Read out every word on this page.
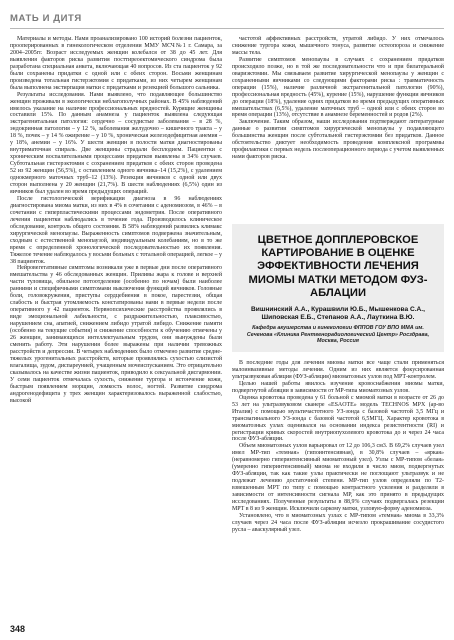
МАТЬ И ДИТЯ

Материалы и методы. Нами проанализировано 100 историй болезни пациенток, прооперированных в гинекологическом отделении ММУ МСЧ№1 г. Самара, за 2004–2005гг. Возраст исследуемых женщин колебался от 38 до 45 лет. Для выявления факторов риска развития посттиреоектомического синдрома была разработана специальная анкета, включающая 40 вопросов. Из ста пациенток у 92 были сохранены придатки с одной или с обеих сторон. Восьми женщинам произведена тотальная гистерэктомия с придатками, из них четырем женщинам была выполнена экстирпация матки с придатками и резекцией большого сальника.

Результаты исследования. Нами выявлено, что подавляющее большинство женщин проживали в экологически неблагополучных районах. В 45% наблюдений имелось указание на наличие профессиональных вредностей. Курящие женщины составили 15%. По данным анамнеза у пациенток выявлена следующая экстрагенитальная патология: сердечно – сосудистые заболевания – в 28 %, эндокринная патология – у 12 %, заболевания желудочно – кишечного тракта – у 18 %, почек – у 14 % ожирение – у 10 %, хроническая железодефицитная анемия – у 18%, анемии – у 16%. У шести женщин в полости матки диагностированы внутриматочная спираль. Две женщины страдали бесплодием. Пациентки с хроническим воспалительными процессами придатков выявлены в 34% случаев. Субтотальная гистерэктомия с сохранением придатков с обеих сторон проведена 52 из 92 женщин (56,5%), с оставлением одного яичника–14 (15,2%), с удалением однокмерного маточных труб–12 (13%). Резекция яичников с одной или двух сторон выполнена у 20 женщин (21,7%). В шести наблюдениях (6,5%) один из яичников был удален во время предыдущих операций.

После гистологической верификации диагноза в 96 наблюдениях диагностирована миома матки, из них в 4% в сочетании с аденомиозом, в 46% – в сочетании с гиперпластическими процессами эндометрия. После оперативного лечения пациентки наблюдались в течение года. Производилось клиническое обследование, контроль общего состояния. В 58% наблюдений развились климакс хирургической менопаузы. Выраженность симптомов подвержена значительным, сходным с естественной менопаузой, индивидуальным колебаниям, но в то же время с определенной хронологической последовательностью их появления. Тяжелое течение наблюдалось у восьми больных с тотальной операцией, легкое – у 38 пациенток.

Нейровегетативные симптомы возникали уже в первые дни после оперативного вмешательства у 46 обследованных женщин. Приливы жара к голове и верхней части туловища, обильное потоотделение (особенно по ночам) были наиболее ранними и специфичными симптомами выключения функций яичников. Головные боли, головокружения, приступы сердцебиения в покое, парестезии, общая слабость и быстрая утомляемость констатированы нами в первые недели после оперативного у 42 пациенток. Нервнопсихические расстройства проявлялись в виде эмоциональной лабильности, с раздражительностью, плаксивостью, нарушением сна, апатией, снижением либидо утратой либидо. Снижение памяти (особенно на текущие события) и снижение способности к обучению отмечены у 26 женщин, занимающихся интеллектуальным трудом, они вынуждены были сменить работу. Эти нарушения более выражены при наличии тревожных расстройств и депрессии. В четырех наблюдениях было отмечено развитие средне-тяжелых урогенитальных расстройств, которые проявлялись сухостью слизистой влагалища, зудом, диспареунией, учащенным мочеиспусканием. Это отрицательно сказывалось на качестве жизни пациенток, приводило к сексуальной дисгармонии. У семи пациенток отмечалась сухость, снижение тургора и истончение кожи, быстрым появлением морщин, ломкость волос, ногтей. Развитие синдрома андрогенодефицита у трех женщин характеризовалось выраженной слабостью, высокой

частотой аффективных расстройств, утратой либидо. У них отмечалось снижение тургора кожи, мышечного тонуса, развитие остеопороза и снижение массы тела.

Развитие симптомов менопаузы в случаях с сохранением придатков происходило позже, но в той же последовательности что и при билатеральной овариэктомии. Мы связываем развитие хирургической менопаузы у женщин с сохраненными яичниками со следующими факторами риска : травматичность операции (15%), наличие различной экстрагенитальной патологии (90%), профессиональная вредность (45%), курение (15%), нарушение функции яичников до операции (18%), удаление одних придатков во время предыдущих оперативных вмешательствах (6,5%), удаление маточных труб – одной или с обеих сторон во время операции (13%), отсутствие в анамнезе беременностей и родов (2%).

Заключение. Таким образом, наши исследования подтверждают литературные данные о развитии симптомов хирургической менопаузы у подавляющего большинства женщин после субтотальной гистерэктомии без придатков. Данное обстоятельство диктует необходимость проведения комплексной программы профилактики с первых недель послеоперационного периода с учетом выявленных нами факторов риска.

ЦВЕТНОЕ ДОППЛЕРОВСКОЕ КАРТИРОВАНИЕ В ОЦЕНКЕ ЭФФЕКТИВНОСТИ ЛЕЧЕНИЯ МИОМЫ МАТКИ МЕТОДОМ ФУЗ-АБЛАЦИИ
Вишнинский А.А., Курашвили Ю.Б., Мышенкова С.А., Шиповская Е.Б., Степанов А.А., Лауткина В.Ю.
Кафедра акушерства и гинекологии ФППОВ ГОУ ВПО ММА им. Сеченова «Клиника Рентгенорадиологический Центр» Росздрава, Москва, Россия

В последние годы для лечения миомы матки все чаще стали применяться малоинвазивные методы лечения. Одним из них является фокусированная ультразвуковая абляция (ФУЗ-абляция) миоматозных узлов под МРТ-контролем.

Целью нашей работы явилось изучение кровоснабжения миомы матки, подвергнутой абляции в зависимости от МР-типа миоматозных узлов.

Оценка кровотока проведена у 61 больной с миомой матки в возрасте от 26 до 53 лет на ультразвуковом сканере «ESAOTE» модель TECHNOS MPX (ар-во Италия) с помощью мультичастотного УЗ-зонда с базовой частотой 3,5 МГц и трансвагинального УЗ-зонда с базовой частотой 6,5МГЦ. Характер кровотока в миоматозных узлах оценивался на основании индекса резистентности (RI) и регистрации кривых скоростей внутриопухолевого кровотока до и через 24 часа после ФУЗ-абляции.

Объем миоматозных узлов варьировал от 12 до 106,3 см3. В 69,2% случаев узел имел МР-тип «темная» (гипоинтенсивная), в 30,8% случаев – «яркая» (неравномерно гиперинтенсивный миоматозный узел). Узлы с МР-типом «белая» (умеренно гиперинтенсивный) миома не входили в число миом, подвергнутых ФУЗ-абляции, так как такие узлы практически не поглощают ультразвук и не подлежат лечению достаточной степени. МР-тип узлов определяли по Т2-взвешенным МРТ по типу с помощью контрастного усиления и разделяли в зависимости от интенсивности сигнала МР, как это принято в предыдущих исследованиях. Полученные результаты в 88,9% случаях подвергалась резекции МРТ в 8 из 9 женщин. Исключили саркому матки, узловую-форму аденомиоза.

Установлено, что в миоматозных узлах с МР-типом «темная» миома в 33,3% случаев через 24 часа после ФУЗ-абляции исчезло прокрашивание сосудистого русла – аваскулярный узел.

348
